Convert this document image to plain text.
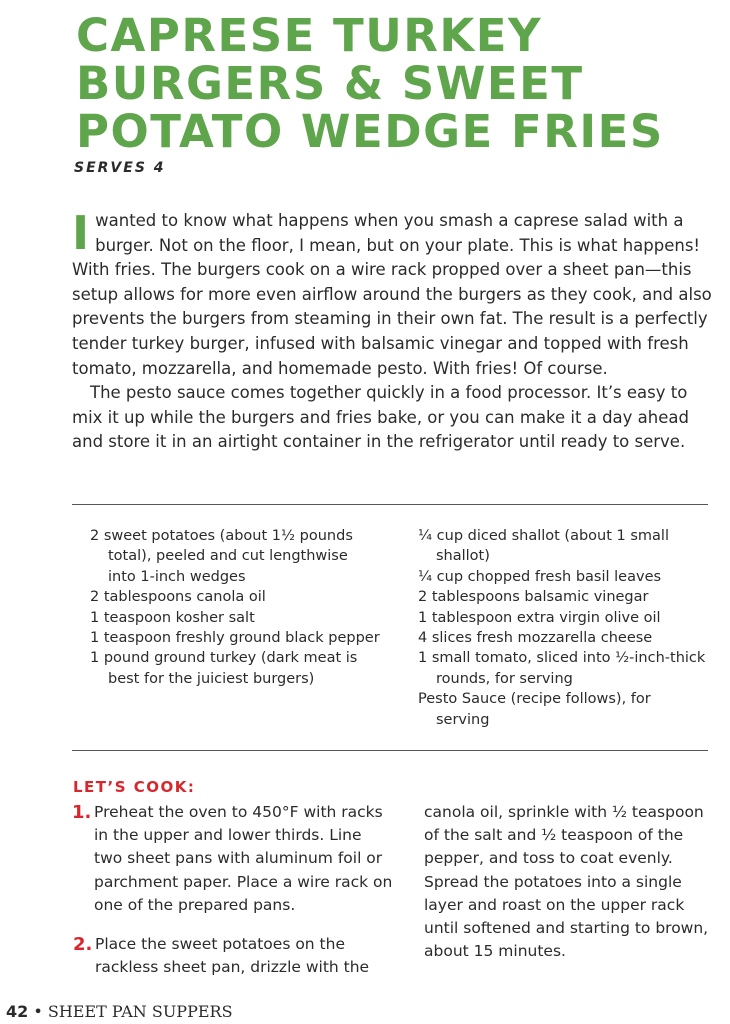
CAPRESE TURKEY
BURGERS & SWEET
POTATO WEDGE FRIES
SERVES 4

Iwanted to know what happens when you smash a caprese salad with a burger. Not on the floor, I mean, but on your plate. This is what happens! With fries. The burgers cook on a wire rack propped over a sheet pan—this setup allows for more even airflow around the burgers as they cook, and also prevents the burgers from steaming in their own fat. The result is a perfectly tender turkey burger, infused with balsamic vinegar and topped with fresh tomato, mozzarella, and homemade pesto. With fries! Of course.

The pesto sauce comes together quickly in a food processor. It’s easy to mix it up while the burgers and fries bake, or you can make it a day ahead and store it in an airtight container in the refrigerator until ready to serve.

2 sweet potatoes (about 1½ pounds total), peeled and cut lengthwise into 1-inch wedges
2 tablespoons canola oil
1 teaspoon kosher salt
1 teaspoon freshly ground black pepper
1 pound ground turkey (dark meat is best for the juiciest burgers)
¼ cup diced shallot (about 1 small shallot)
¼ cup chopped fresh basil leaves
2 tablespoons balsamic vinegar
1 tablespoon extra virgin olive oil
4 slices fresh mozzarella cheese
1 small tomato, sliced into ½-inch-thick rounds, for serving
Pesto Sauce (recipe follows), for serving
LET’S COOK:
1. Preheat the oven to 450°F with racks in the upper and lower thirds. Line two sheet pans with aluminum foil or parchment paper. Place a wire rack on one of the prepared pans.
2. Place the sweet potatoes on the rackless sheet pan, drizzle with the
canola oil, sprinkle with ½ teaspoon of the salt and ½ teaspoon of the pepper, and toss to coat evenly. Spread the potatoes into a single layer and roast on the upper rack until softened and starting to brown, about 15 minutes.
42 • SHEET PAN SUPPERS
